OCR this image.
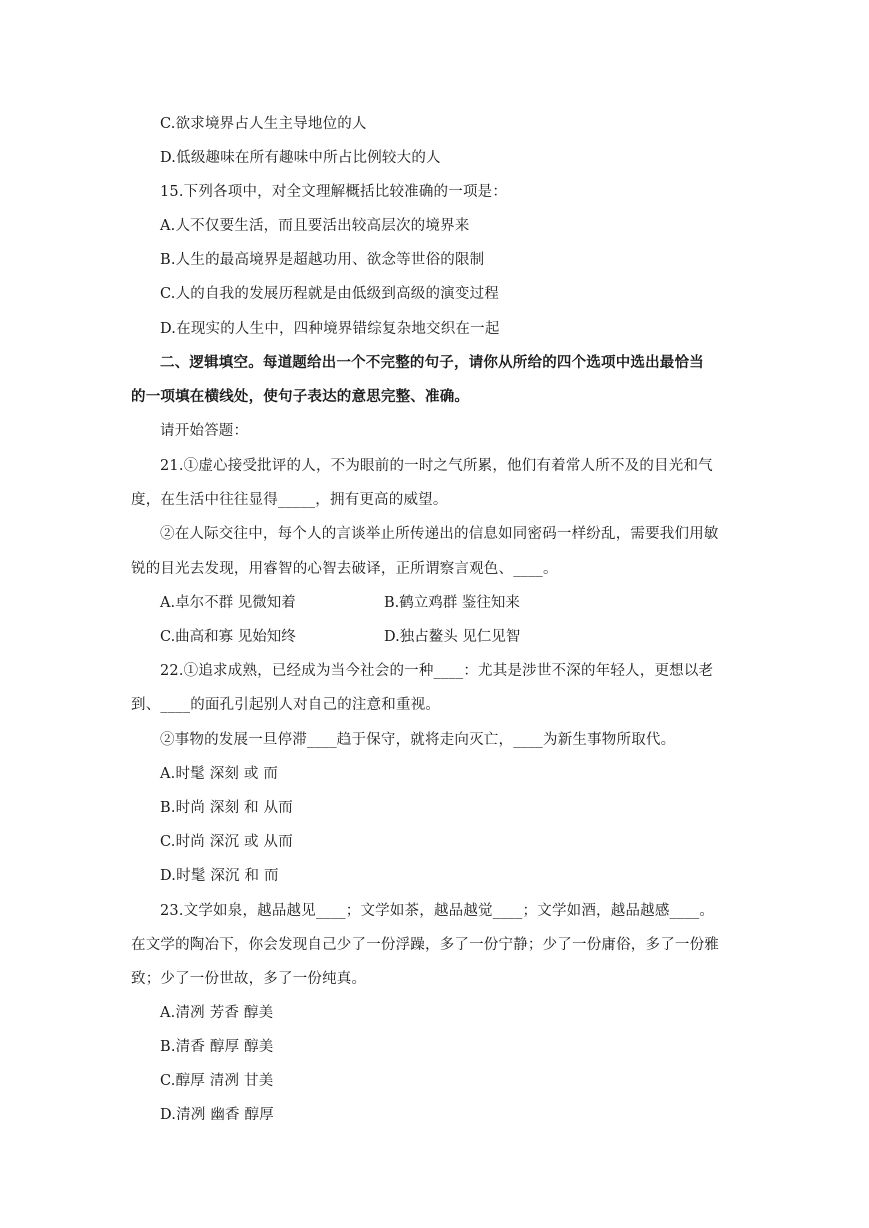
C.欲求境界占人生主导地位的人
D.低级趣味在所有趣味中所占比例较大的人
15.下列各项中，对全文理解概括比较准确的一项是：
A.人不仅要生活，而且要活出较高层次的境界来
B.人生的最高境界是超越功用、欲念等世俗的限制
C.人的自我的发展历程就是由低级到高级的演变过程
D.在现实的人生中，四种境界错综复杂地交织在一起
二、逻辑填空。每道题给出一个不完整的句子，请你从所给的四个选项中选出最恰当
的一项填在横线处，使句子表达的意思完整、准确。
请开始答题：
21.①虚心接受批评的人，不为眼前的一时之气所累，他们有着常人所不及的目光和气
度，在生活中往往显得_____，拥有更高的威望。
②在人际交往中，每个人的言谈举止所传递出的信息如同密码一样纷乱，需要我们用敏
锐的目光去发现，用睿智的心智去破译，正所谓察言观色、____。
A.卓尔不群 见微知着	B.鹤立鸡群 鉴往知来
C.曲高和寡 见始知终	D.独占鳌头 见仁见智
22.①追求成熟，已经成为当今社会的一种____：尤其是涉世不深的年轻人，更想以老
到、____的面孔引起别人对自己的注意和重视。
②事物的发展一旦停滞____趋于保守，就将走向灭亡，____为新生事物所取代。
A.时髦 深刻 或 而
B.时尚 深刻 和 从而
C.时尚 深沉 或 从而
D.时髦 深沉 和 而
23.文学如泉，越品越见____；文学如茶，越品越觉____；文学如酒，越品越感____。
在文学的陶冶下，你会发现自己少了一份浮躁，多了一份宁静；少了一份庸俗，多了一份雅
致；少了一份世故，多了一份纯真。
A.清冽 芳香 醇美
B.清香 醇厚 醇美
C.醇厚 清冽 甘美
D.清冽 幽香 醇厚
